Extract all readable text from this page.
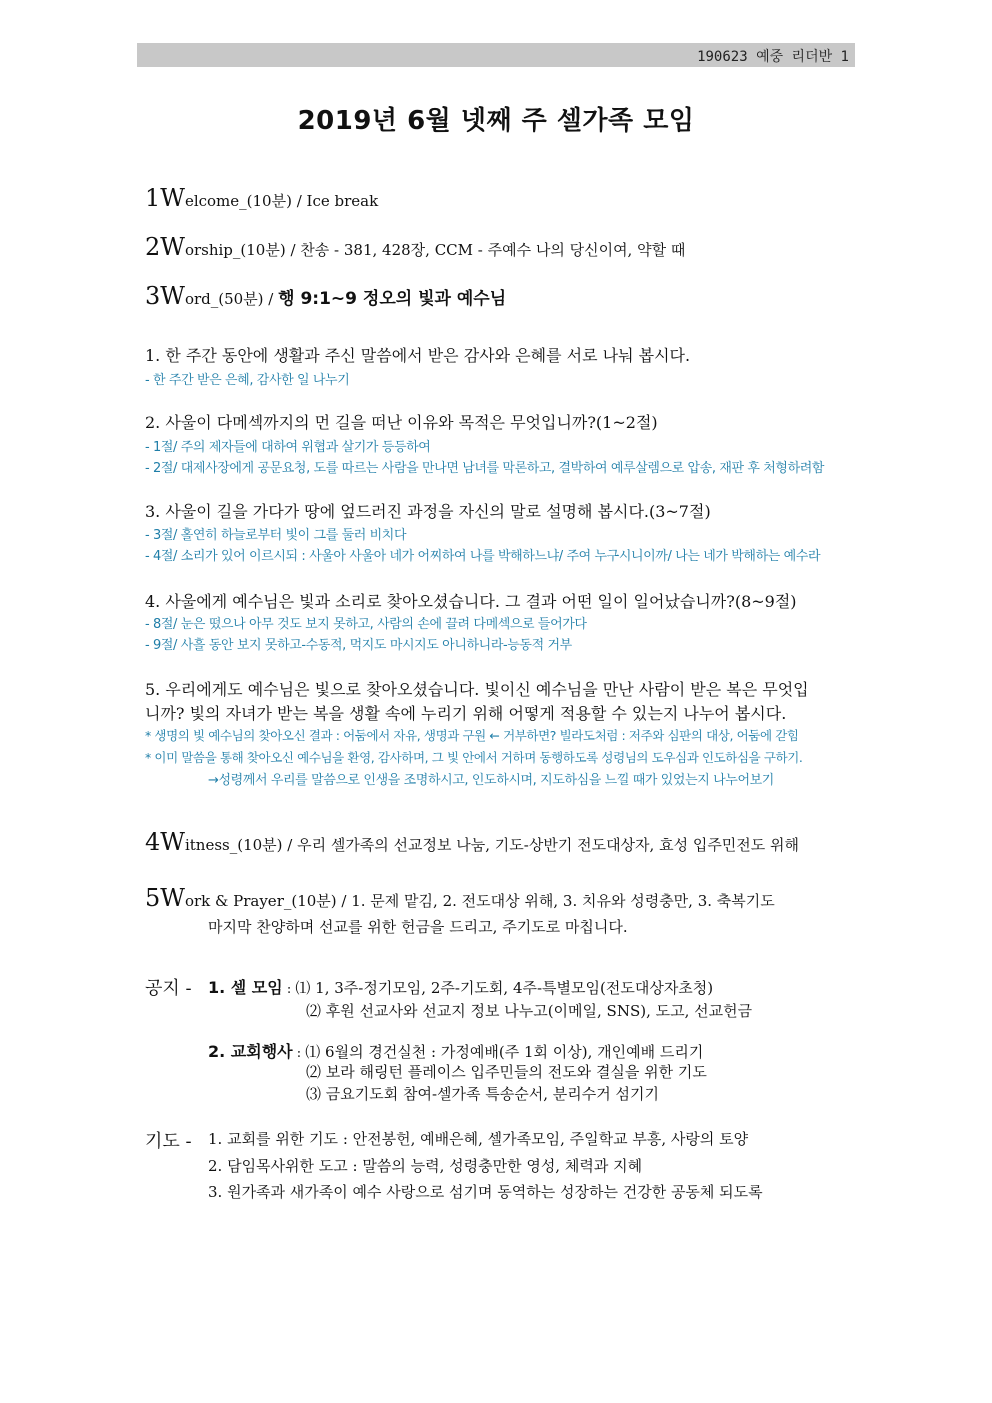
190623 예중 리더반 1
2019년 6월 넷째 주 셀가족 모임
1Welcome_(10분) / Ice break
2Worship_(10분) / 찬송 - 381, 428장, CCM - 주예수 나의 당신이여, 약할 때
3Word_(50분) / 행 9:1~9 정오의 빛과 예수님
1. 한 주간 동안에 생활과 주신 말씀에서 받은 감사와 은혜를 서로 나눠 봅시다.
- 한 주간 받은 은혜, 감사한 일 나누기
2. 사울이 다메섹까지의 먼 길을 떠난 이유와 목적은 무엇입니까?(1~2절)
- 1절/ 주의 제자들에 대하여 위협과 살기가 등등하여
- 2절/ 대제사장에게 공문요청, 도를 따르는 사람을 만나면 남녀를 막론하고, 결박하여 예루살렘으로 압송, 재판 후 처형하려함
3. 사울이 길을 가다가 땅에 엎드러진 과정을 자신의 말로 설명해 봅시다.(3~7절)
- 3절/ 홀연히 하늘로부터 빛이 그를 둘러 비치다
- 4절/ 소리가 있어 이르시되 : 사울아 사울아 네가 어찌하여 나를 박해하느냐/ 주여 누구시니이까/ 나는 네가 박해하는 예수라
4. 사울에게 예수님은 빛과 소리로 찾아오셨습니다. 그 결과 어떤 일이 일어났습니까?(8~9절)
- 8절/ 눈은 떴으나 아무 것도 보지 못하고, 사람의 손에 끌려 다메섹으로 들어가다
- 9절/ 사흘 동안 보지 못하고-수동적, 먹지도 마시지도 아니하니라-능동적 거부
5. 우리에게도 예수님은 빛으로 찾아오셨습니다. 빛이신 예수님을 만난 사람이 받은 복은 무엇입
니까? 빛의 자녀가 받는 복을 생활 속에 누리기 위해 어떻게 적용할 수 있는지 나누어 봅시다.
* 생명의 빛 예수님의 찾아오신 결과 : 어둠에서 자유, 생명과 구원 ← 거부하면? 빌라도처럼 : 저주와 심판의 대상, 어둠에 갇힘
* 이미 말씀을 통해 찾아오신 예수님을 환영, 감사하며, 그 빛 안에서 거하며 동행하도록 성령님의 도우심과 인도하심을 구하기.
→성령께서 우리를 말씀으로 인생을 조명하시고, 인도하시며, 지도하심을 느낄 때가 있었는지 나누어보기
4Witness_(10분) / 우리 셀가족의 선교정보 나눔, 기도-상반기 전도대상자, 효성 입주민전도 위해
5Work & Prayer_(10분) / 1. 문제 맡김, 2. 전도대상 위해, 3. 치유와 성령충만, 3. 축복기도
마지막 찬양하며 선교를 위한 헌금을 드리고, 주기도로 마칩니다.
공지 - 1. 셀 모임 : ⑴ 1, 3주-정기모임, 2주-기도회, 4주-특별모임(전도대상자초청)
⑵ 후원 선교사와 선교지 정보 나누고(이메일, SNS), 도고, 선교헌금
2. 교회행사 : ⑴ 6월의 경건실천 : 가정예배(주 1회 이상), 개인예배 드리기
⑵ 보라 해링턴 플레이스 입주민들의 전도와 결실을 위한 기도
⑶ 금요기도회 참여-셀가족 특송순서, 분리수거 섬기기
기도 - 1. 교회를 위한 기도 : 안전봉헌, 예배은혜, 셀가족모임, 주일학교 부흥, 사랑의 토양
2. 담임목사위한 도고 : 말씀의 능력, 성령충만한 영성, 체력과 지혜
3. 원가족과 새가족이 예수 사랑으로 섬기며 동역하는 성장하는 건강한 공동체 되도록
